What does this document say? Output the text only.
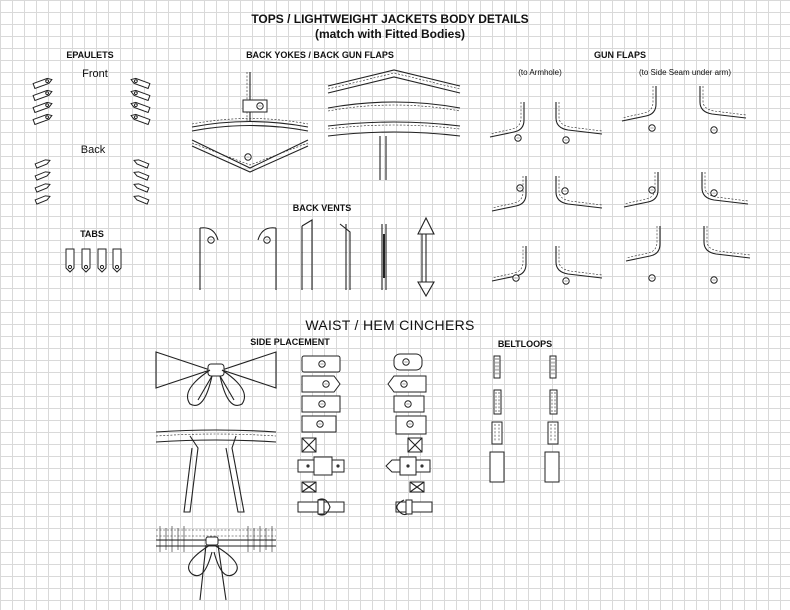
TOPS / LIGHTWEIGHT JACKETS BODY DETAILS
(match with Fitted Bodies)
EPAULETS
Front
Back
TABS
BACK YOKES / BACK GUN FLAPS
BACK VENTS
GUN FLAPS
(to Armhole)	(to Side Seam under arm)
WAIST / HEM CINCHERS
SIDE PLACEMENT	BELTLOOPS
